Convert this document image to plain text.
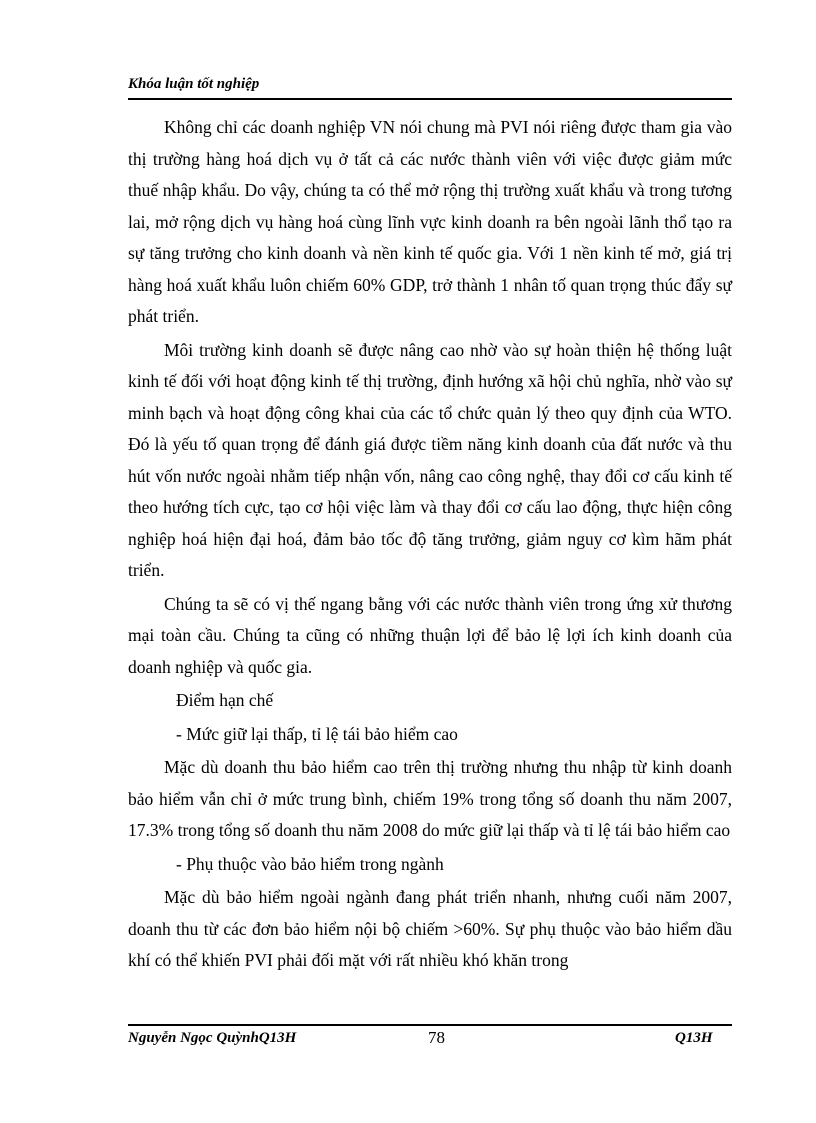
Khóa luận tốt nghiệp

Không chỉ các doanh nghiệp VN nói chung mà PVI nói riêng được tham gia vào thị trường hàng hoá dịch vụ ở tất cả các nước thành viên với việc được giảm mức thuế nhập khẩu. Do vậy, chúng ta có thể mở rộng thị trường xuất khẩu và trong tương lai, mở rộng dịch vụ hàng hoá cùng lĩnh vực kinh doanh ra bên ngoài lãnh thổ tạo ra sự tăng trưởng cho kinh doanh và nền kinh tế quốc gia. Với 1 nền kinh tế mở, giá trị hàng hoá xuất khẩu luôn chiếm 60% GDP, trở thành 1 nhân tố quan trọng thúc đẩy sự phát triển.

Môi trường kinh doanh sẽ được nâng cao nhờ vào sự hoàn thiện hệ thống luật kinh tế đối với hoạt động kinh tế thị trường, định hướng xã hội chủ nghĩa, nhờ vào sự minh bạch và hoạt động công khai của các tổ chức quản lý theo quy định của WTO. Đó là yếu tố quan trọng để đánh giá được tiềm năng kinh doanh của đất nước và thu hút vốn nước ngoài nhằm tiếp nhận vốn, nâng cao công nghệ, thay đổi cơ cấu kinh tế theo hướng tích cực, tạo cơ hội việc làm và thay đổi cơ cấu lao động, thực hiện công nghiệp hoá hiện đại hoá, đảm bảo tốc độ tăng trưởng, giảm nguy cơ kìm hãm phát triển.

Chúng ta sẽ có vị thế ngang bằng với các nước thành viên trong ứng xử thương mại toàn cầu. Chúng ta cũng có những thuận lợi để bảo lệ lợi ích kinh doanh của doanh nghiệp và quốc gia.

Điểm hạn chế

- Mức giữ lại thấp, tỉ lệ tái bảo hiểm cao

Mặc dù doanh thu bảo hiểm cao trên thị trường nhưng thu nhập từ kinh doanh bảo hiểm vẫn chỉ ở mức trung bình, chiếm 19% trong tổng số doanh thu năm 2007, 17.3% trong tổng số doanh thu năm 2008 do mức giữ lại thấp và tỉ lệ tái bảo hiểm cao

- Phụ thuộc vào bảo hiểm trong ngành

Mặc dù bảo hiểm ngoài ngành đang phát triển nhanh, nhưng cuối năm 2007, doanh thu từ các đơn bảo hiểm nội bộ chiếm >60%. Sự phụ thuộc vào bảo hiểm dầu khí có thể khiến PVI phải đối mặt với rất nhiều khó khăn trong

Nguyễn Ngọc QuỳnhQ13H	78	Q13H
